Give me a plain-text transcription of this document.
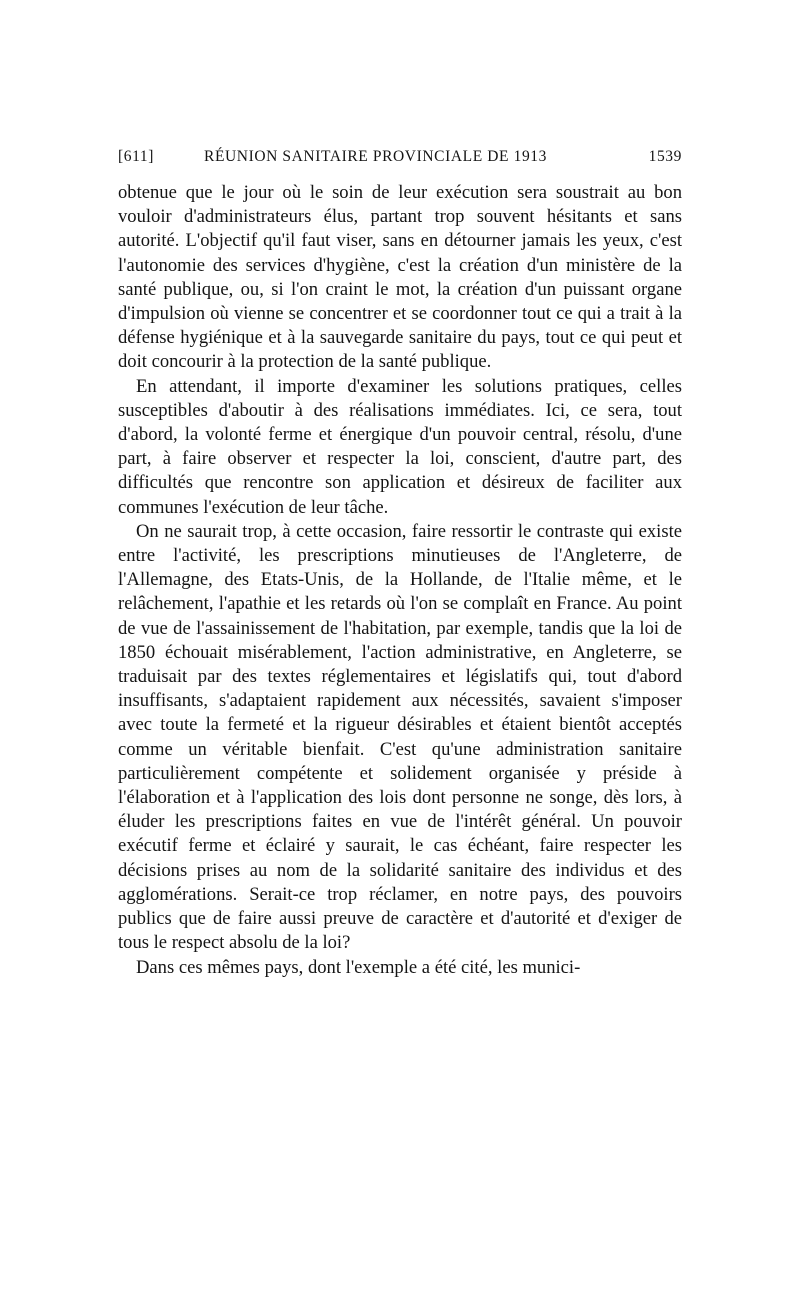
[611]	RÉUNION SANITAIRE PROVINCIALE DE 1913	1539

obtenue que le jour où le soin de leur exécution sera soustrait au bon vouloir d'administrateurs élus, partant trop souvent hésitants et sans autorité. L'objectif qu'il faut viser, sans en détourner jamais les yeux, c'est l'autonomie des services d'hygiène, c'est la création d'un ministère de la santé publique, ou, si l'on craint le mot, la création d'un puissant organe d'impulsion où vienne se concentrer et se coordonner tout ce qui a trait à la défense hygiénique et à la sauvegarde sanitaire du pays, tout ce qui peut et doit concourir à la protection de la santé publique.

En attendant, il importe d'examiner les solutions pratiques, celles susceptibles d'aboutir à des réalisations immédiates. Ici, ce sera, tout d'abord, la volonté ferme et énergique d'un pouvoir central, résolu, d'une part, à faire observer et respecter la loi, conscient, d'autre part, des difficultés que rencontre son application et désireux de faciliter aux communes l'exécution de leur tâche.

On ne saurait trop, à cette occasion, faire ressortir le contraste qui existe entre l'activité, les prescriptions minutieuses de l'Angleterre, de l'Allemagne, des Etats-Unis, de la Hollande, de l'Italie même, et le relâchement, l'apathie et les retards où l'on se complaît en France. Au point de vue de l'assainissement de l'habitation, par exemple, tandis que la loi de 1850 échouait misérablement, l'action administrative, en Angleterre, se traduisait par des textes réglementaires et législatifs qui, tout d'abord insuffisants, s'adaptaient rapidement aux nécessités, savaient s'imposer avec toute la fermeté et la rigueur désirables et étaient bientôt acceptés comme un véritable bienfait. C'est qu'une administration sanitaire particulièrement compétente et solidement organisée y préside à l'élaboration et à l'application des lois dont personne ne songe, dès lors, à éluder les prescriptions faites en vue de l'intérêt général. Un pouvoir exécutif ferme et éclairé y saurait, le cas échéant, faire respecter les décisions prises au nom de la solidarité sanitaire des individus et des agglomérations. Serait-ce trop réclamer, en notre pays, des pouvoirs publics que de faire aussi preuve de caractère et d'autorité et d'exiger de tous le respect absolu de la loi?

Dans ces mêmes pays, dont l'exemple a été cité, les munici-
